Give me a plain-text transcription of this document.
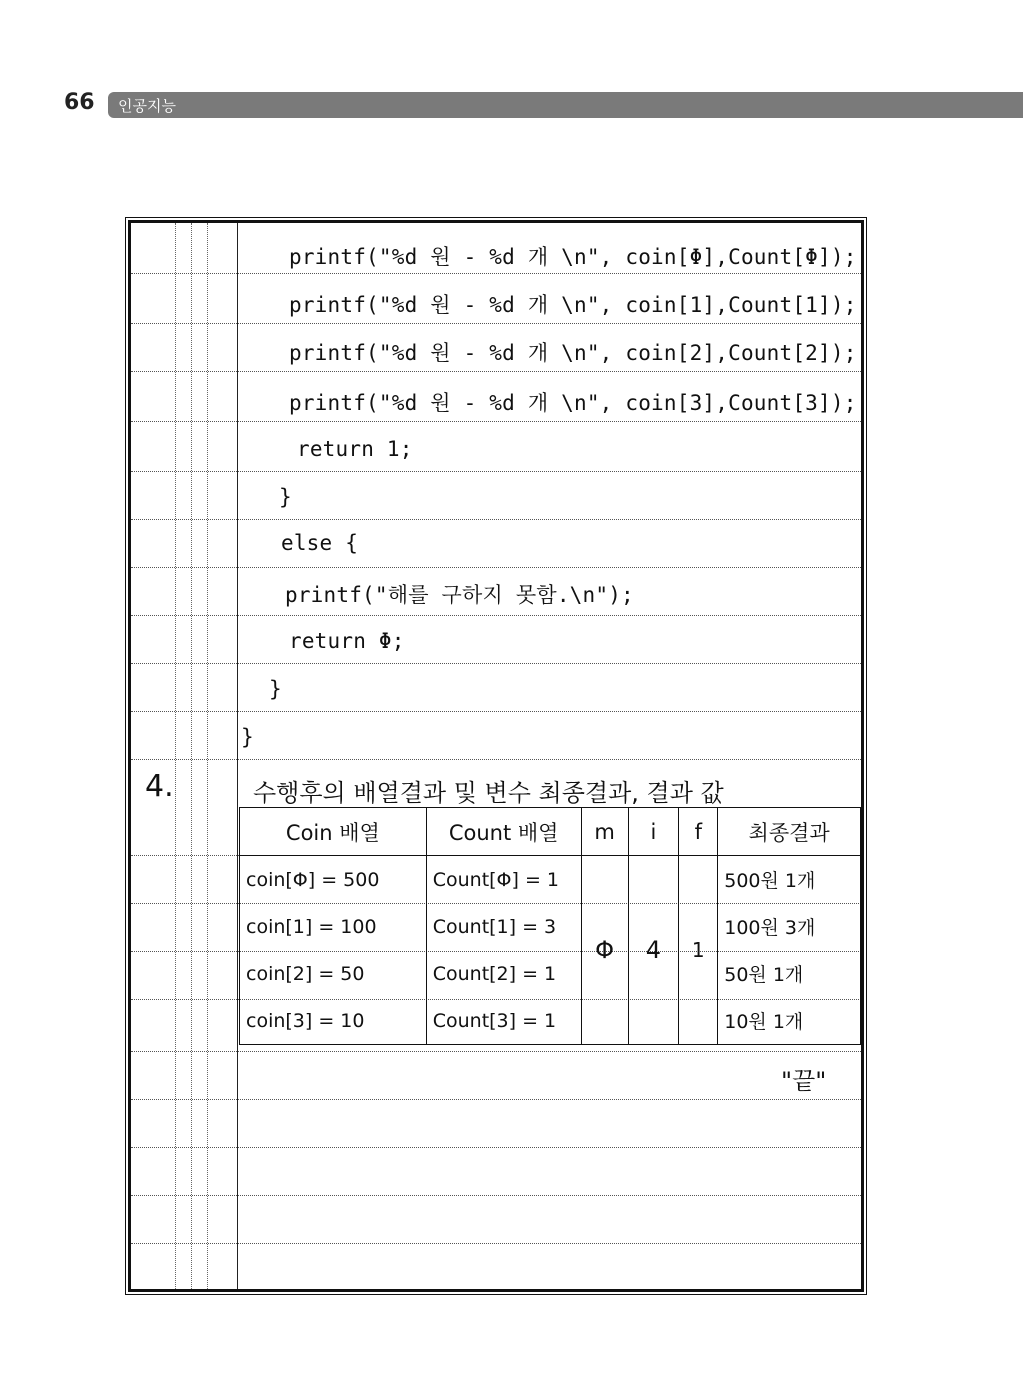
66 인공지능
printf("%d 원 - %d 개 \n", coin[Φ],Count[Φ]);
printf("%d 원 - %d 개 \n", coin[1],Count[1]);
printf("%d 원 - %d 개 \n", coin[2],Count[2]);
printf("%d 원 - %d 개 \n", coin[3],Count[3]);
return 1;
}
else {
printf("해를 구하지 못함.\n");
return Φ;
}
}
4.	수행후의 배열결과 및 변수 최종결과, 결과 값
Coin 배열	Count 배열	m	i	f	최종결과
coin[Φ] = 500	Count[Φ] = 1	Φ	4	1	500원 1개
coin[1] = 100	Count[1] = 3				100원 3개
coin[2] = 50	Count[2] = 1				50원 1개
coin[3] = 10	Count[3] = 1				10원 1개
"끝"
